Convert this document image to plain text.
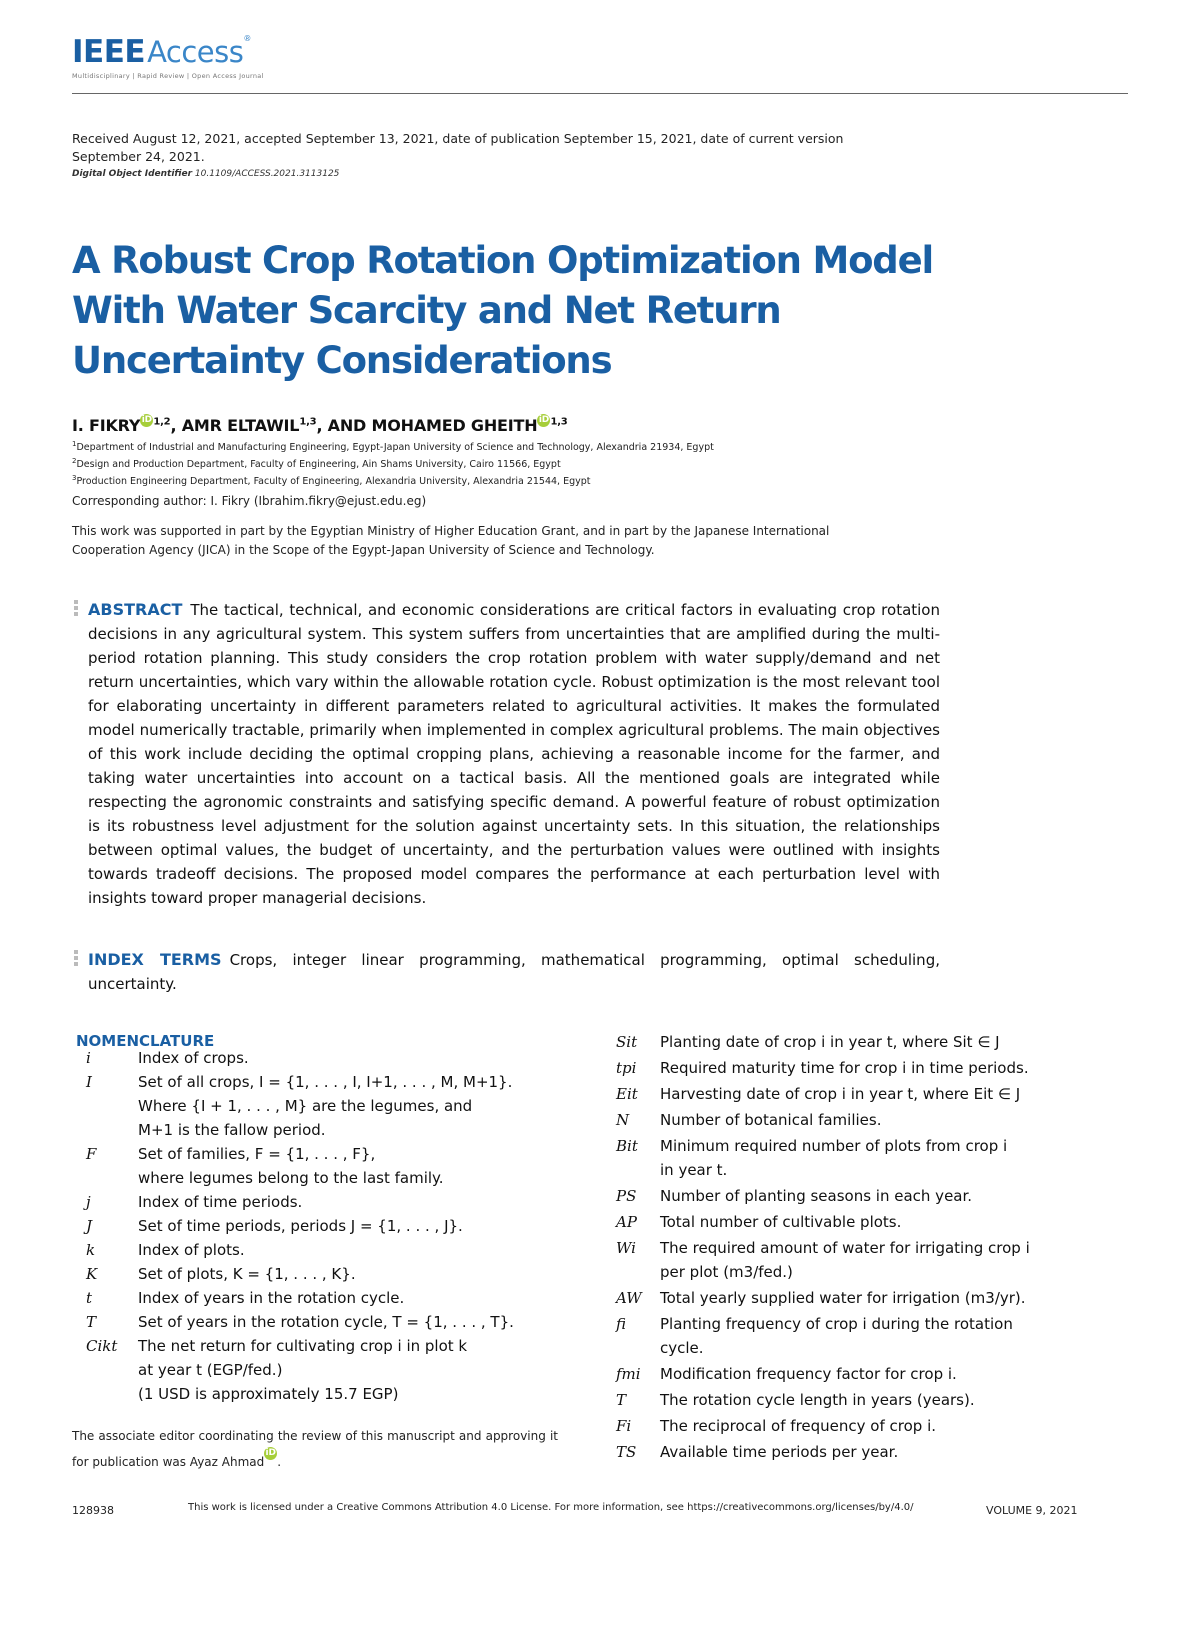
IEEEAccess®
Multidisciplinary | Rapid Review | Open Access Journal
Received August 12, 2021, accepted September 13, 2021, date of publication September 15, 2021, date of current version September 24, 2021.
Digital Object Identifier 10.1109/ACCESS.2021.3113125
A Robust Crop Rotation Optimization Model With Water Scarcity and Net Return Uncertainty Considerations
I. FIKRYiD$^{1,2}$, AMR ELTAWIL$^{1,3}$, AND MOHAMED GHEITHiD$^{1,3}$
$^1$Department of Industrial and Manufacturing Engineering, Egypt-Japan University of Science and Technology, Alexandria 21934, Egypt
$^2$Design and Production Department, Faculty of Engineering, Ain Shams University, Cairo 11566, Egypt
$^3$Production Engineering Department, Faculty of Engineering, Alexandria University, Alexandria 21544, Egypt
Corresponding author: I. Fikry (Ibrahim.fikry@ejust.edu.eg)
This work was supported in part by the Egyptian Ministry of Higher Education Grant, and in part by the Japanese International Cooperation Agency (JICA) in the Scope of the Egypt-Japan University of Science and Technology.
ABSTRACT The tactical, technical, and economic considerations are critical factors in evaluating crop rotation decisions in any agricultural system. This system suffers from uncertainties that are amplified during the multi-period rotation planning. This study considers the crop rotation problem with water supply/demand and net return uncertainties, which vary within the allowable rotation cycle. Robust optimization is the most relevant tool for elaborating uncertainty in different parameters related to agricultural activities. It makes the formulated model numerically tractable, primarily when implemented in complex agricultural problems. The main objectives of this work include deciding the optimal cropping plans, achieving a reasonable income for the farmer, and taking water uncertainties into account on a tactical basis. All the mentioned goals are integrated while respecting the agronomic constraints and satisfying specific demand. A powerful feature of robust optimization is its robustness level adjustment for the solution against uncertainty sets. In this situation, the relationships between optimal values, the budget of uncertainty, and the perturbation values were outlined with insights towards tradeoff decisions. The proposed model compares the performance at each perturbation level with insights toward proper managerial decisions.
INDEX TERMS Crops, integer linear programming, mathematical programming, optimal scheduling, uncertainty.
NOMENCLATURE
i	Index of crops.
I	Set of all crops, I = {1, . . . , I, I+1, . . . , M, M+1}.
Where {I + 1, . . . , M} are the legumes, and
M+1 is the fallow period.
F	Set of families, F = {1, . . . , F},
where legumes belong to the last family.
j	Index of time periods.
J	Set of time periods, periods J = {1, . . . , J}.
k	Index of plots.
K	Set of plots, K = {1, . . . , K}.
t	Index of years in the rotation cycle.
T	Set of years in the rotation cycle, T = {1, . . . , T}.
Cikt The net return for cultivating crop i in plot k
at year t (EGP/fed.)
(1 USD is approximately 15.7 EGP)
Sit Planting date of crop i in year t, where Sit ∈ J
tpi Required maturity time for crop i in time periods.
Eit Harvesting date of crop i in year t, where Eit ∈ J
N Number of botanical families.
Bit Minimum required number of plots from crop i
in year t.
PS Number of planting seasons in each year.
AP Total number of cultivable plots.
Wi The required amount of water for irrigating crop i
per plot (m3/fed.)
AW Total yearly supplied water for irrigation (m3/yr).
fi Planting frequency of crop i during the rotation
cycle.
fmi Modification frequency factor for crop i.
T The rotation cycle length in years (years).
Fi The reciprocal of frequency of crop i.
TS Available time periods per year.
The associate editor coordinating the review of this manuscript and approving it for publication was Ayaz AhmadiD.
128938	This work is licensed under a Creative Commons Attribution 4.0 License. For more information, see https://creativecommons.org/licenses/by/4.0/	VOLUME 9, 2021
